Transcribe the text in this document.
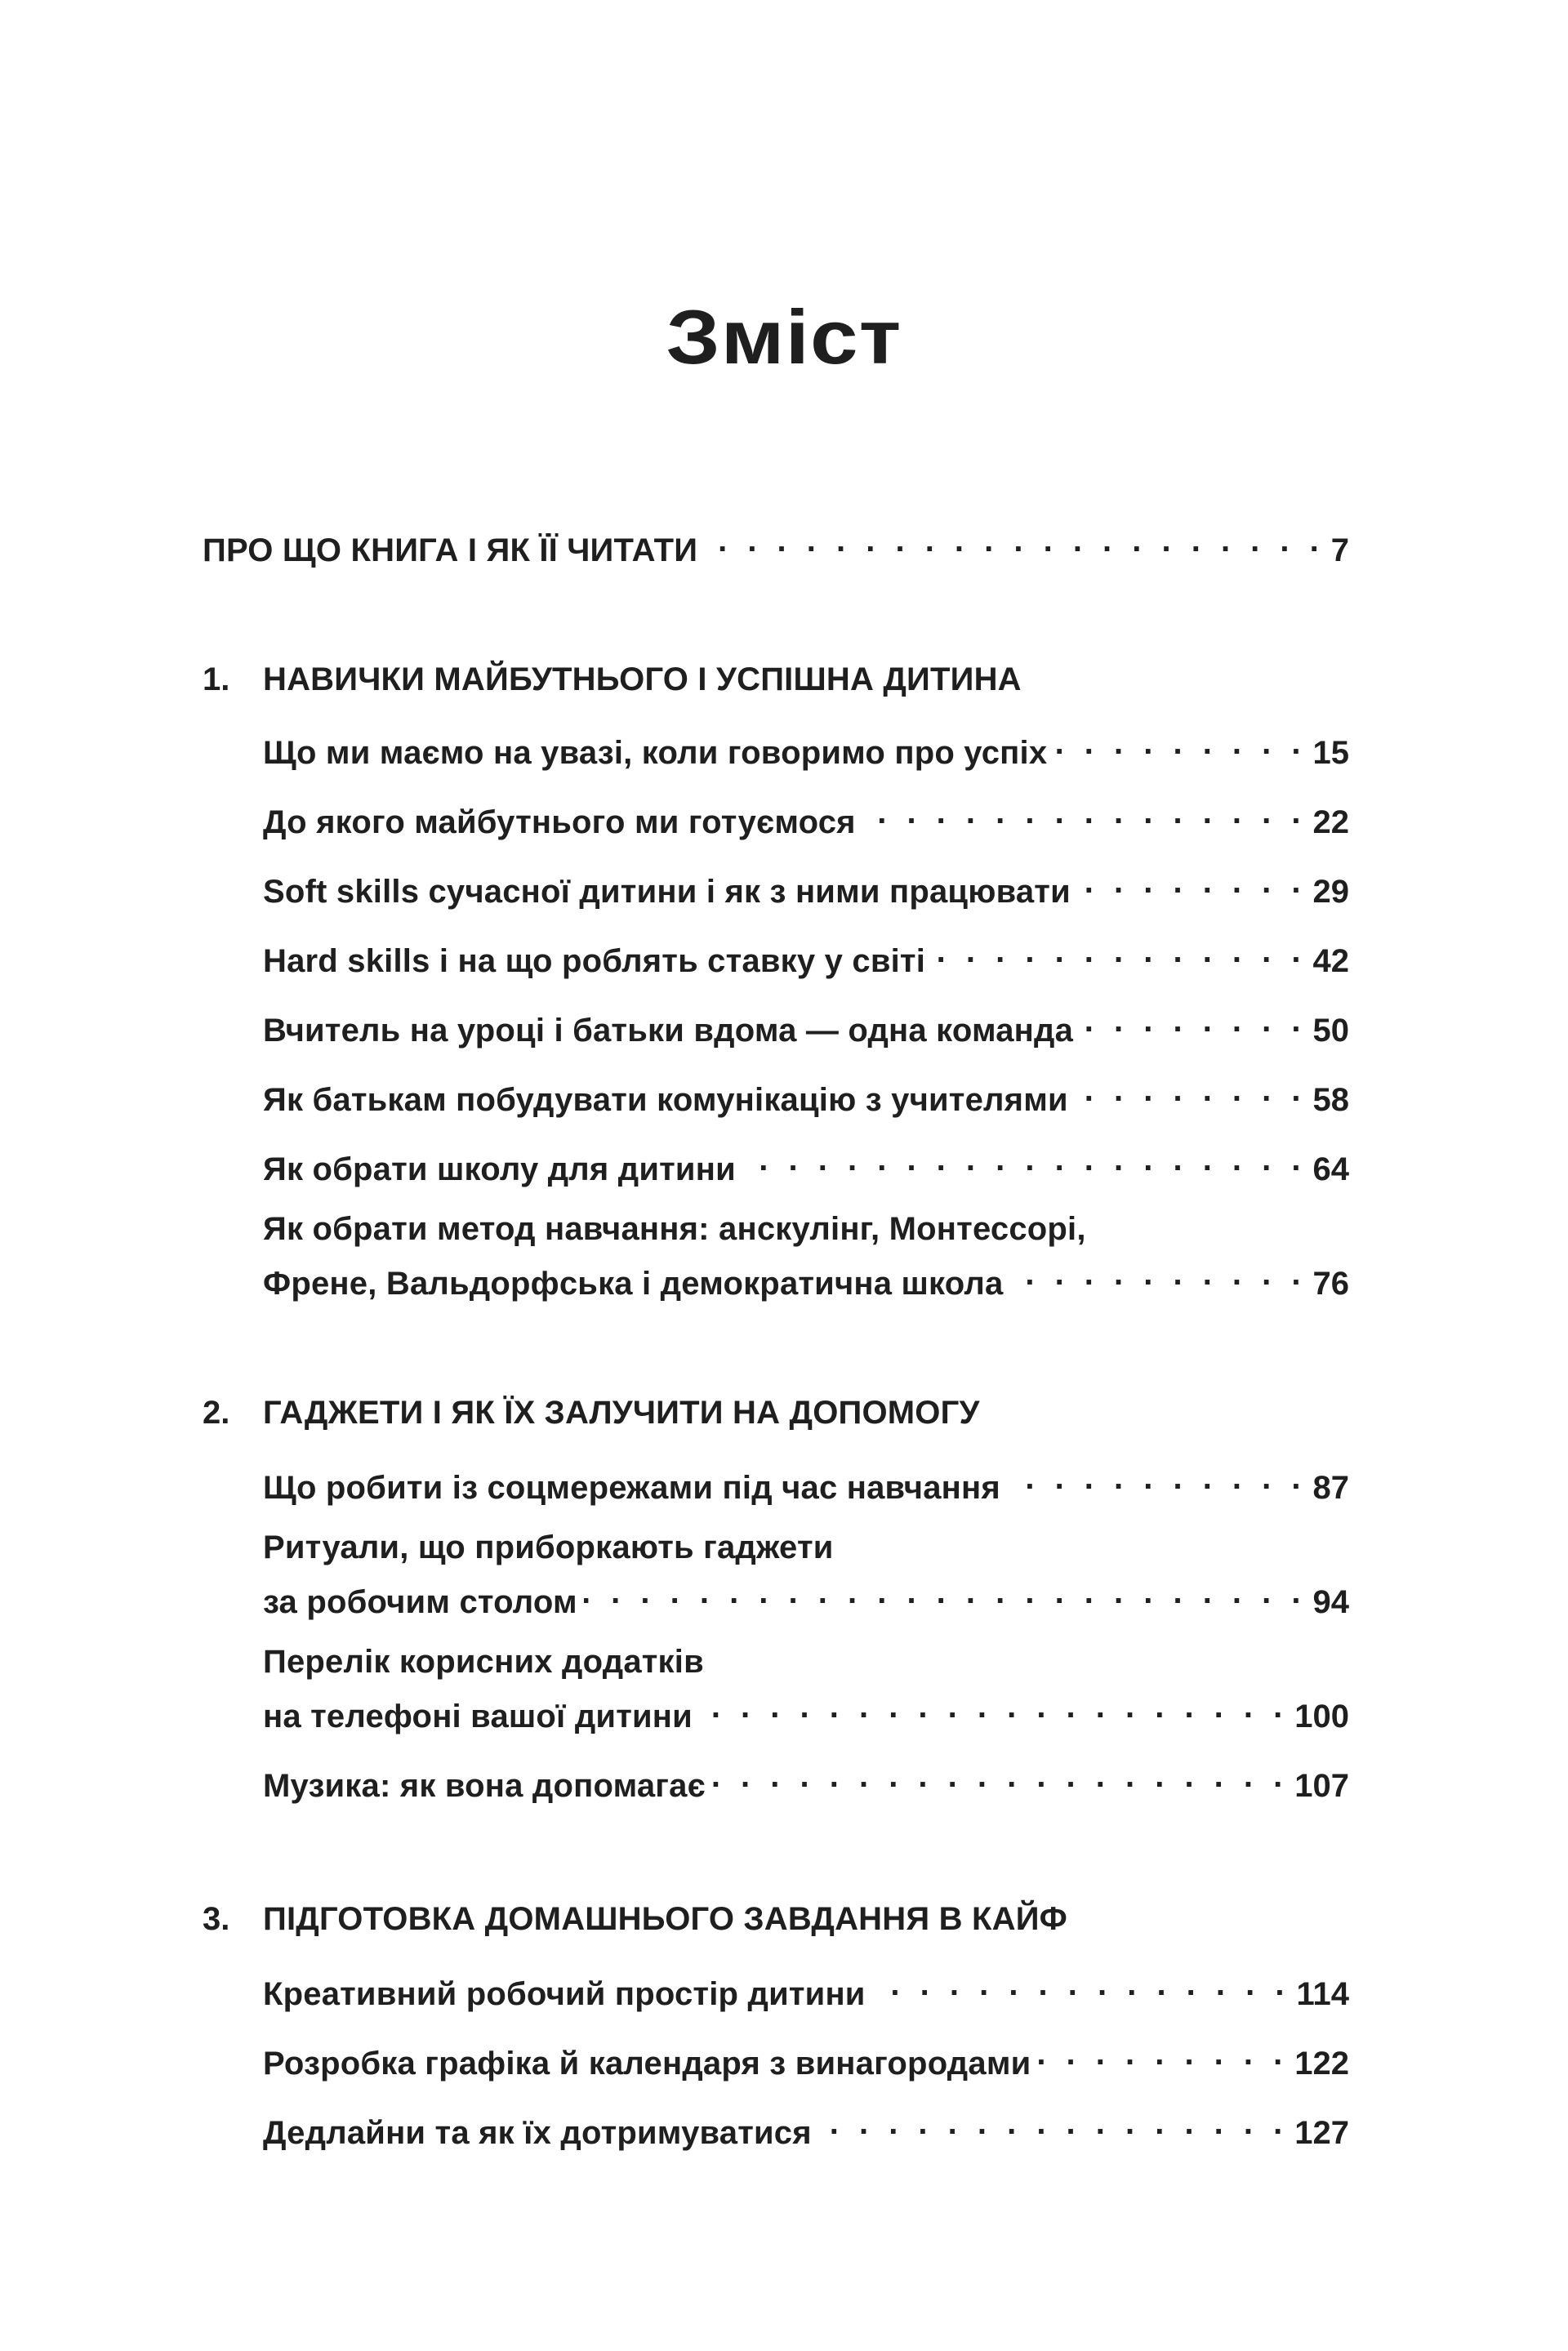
Зміст
ПРО ЩО КНИГА І ЯК ЇЇ ЧИТАТИ . . .	7
1.	НАВИЧКИ МАЙБУТНЬОГО І УСПІШНА ДИТИНА
Що ми маємо на увазі, коли говоримо про успіх . . .	15
До якого майбутнього ми готуємося . . .	22
Soft skills сучасної дитини і як з ними працювати . . .	29
Hard skills і на що роблять ставку у світі . . .	42
Вчитель на уроці і батьки вдома — одна команда . . .	50
Як батькам побудувати комунікацію з учителями . . .	58
Як обрати школу для дитини . . .	64
Як обрати метод навчання: анскулінг, Монтессорі,
Френе, Вальдорфська і демократична школа . . .	76
2.	ГАДЖЕТИ І ЯК ЇХ ЗАЛУЧИТИ НА ДОПОМОГУ
Що робити із соцмережами під час навчання . . .	87
Ритуали, що приборкають гаджети
за робочим столом . . .	94
Перелік корисних додатків
на телефоні вашої дитини . . .	100
Музика: як вона допомагає . . .	107
3.	ПІДГОТОВКА ДОМАШНЬОГО ЗАВДАННЯ В КАЙФ
Креативний робочий простір дитини . . .	114
Розробка графіка й календаря з винагородами . . .	122
Дедлайни та як їх дотримуватися . . .	127
